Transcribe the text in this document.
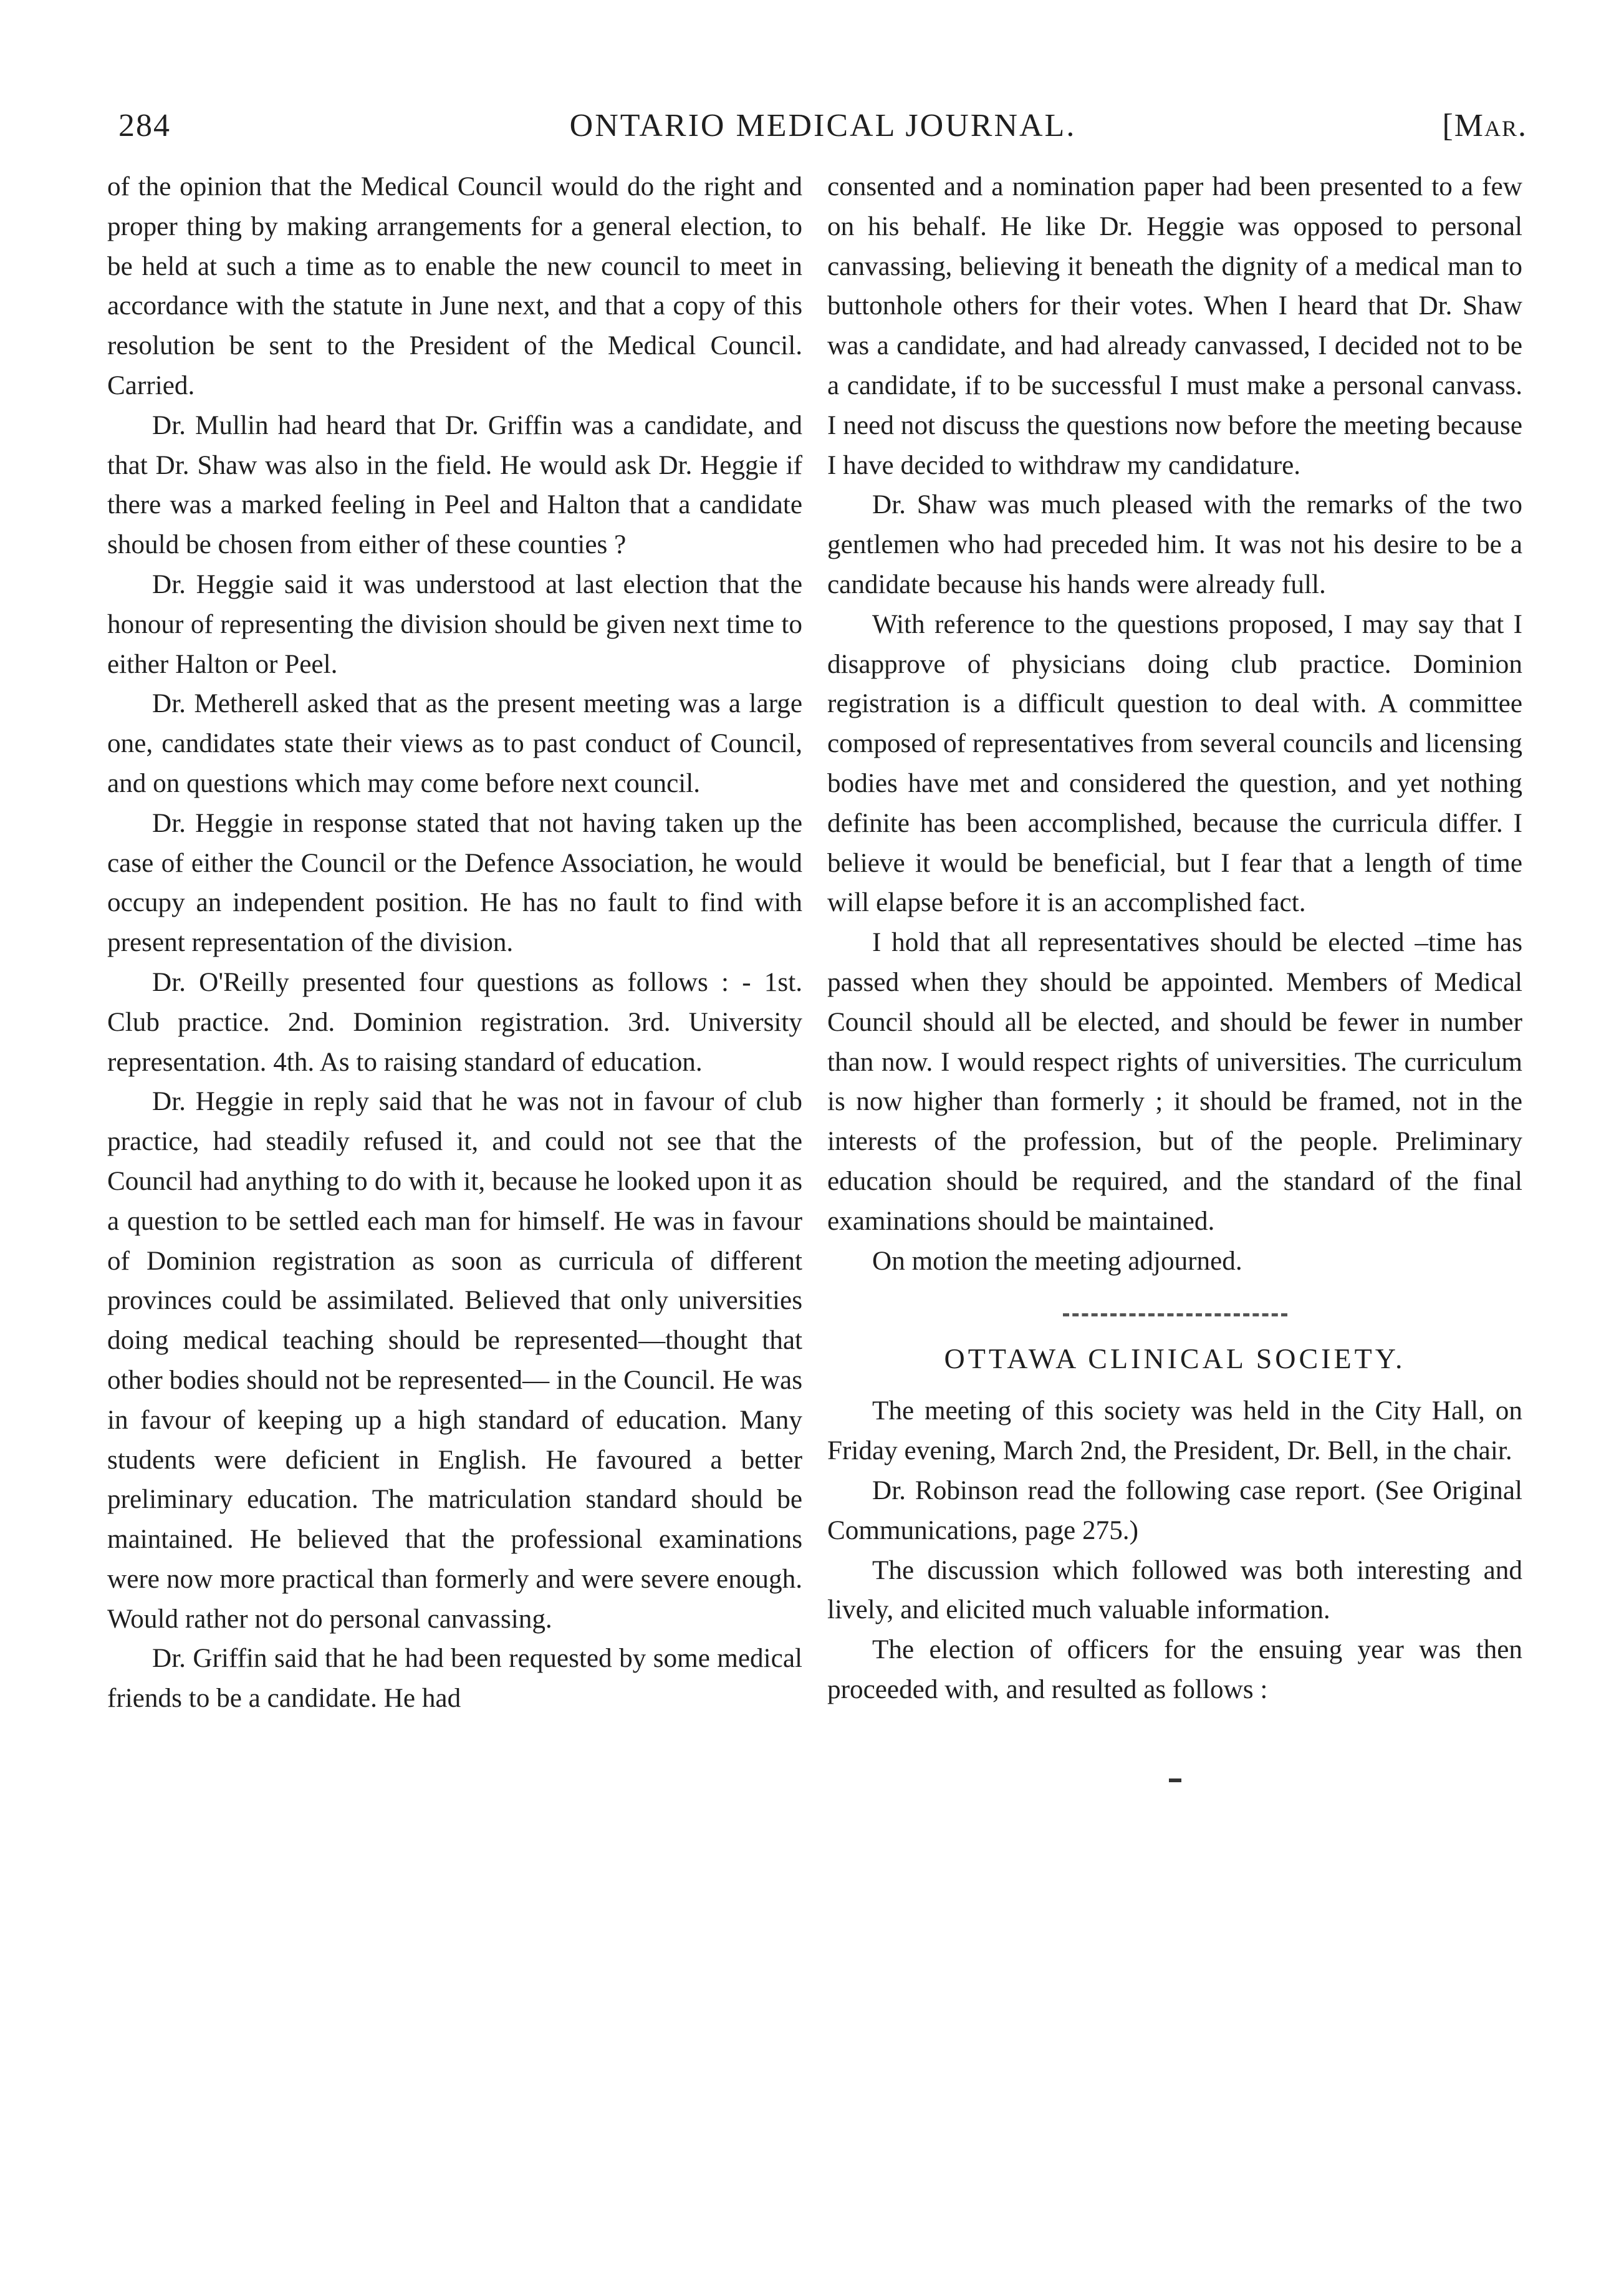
284	ONTARIO MEDICAL JOURNAL.	[Mar.

of the opinion that the Medical Council would do the right and proper thing by making arrangements for a general election, to be held at such a time as to enable the new council to meet in accordance with the statute in June next, and that a copy of this resolution be sent to the President of the Medical Council. Carried.

Dr. Mullin had heard that Dr. Griffin was a candidate, and that Dr. Shaw was also in the field. He would ask Dr. Heggie if there was a marked feeling in Peel and Halton that a candidate should be chosen from either of these counties ?

Dr. Heggie said it was understood at last election that the honour of representing the division should be given next time to either Halton or Peel.

Dr. Metherell asked that as the present meeting was a large one, candidates state their views as to past conduct of Council, and on questions which may come before next council.

Dr. Heggie in response stated that not having taken up the case of either the Council or the Defence Association, he would occupy an independent position. He has no fault to find with present representation of the division.

Dr. O'Reilly presented four questions as follows : - 1st. Club practice. 2nd. Dominion registration. 3rd. University representation. 4th. As to raising standard of education.

Dr. Heggie in reply said that he was not in favour of club practice, had steadily refused it, and could not see that the Council had anything to do with it, because he looked upon it as a question to be settled each man for himself. He was in favour of Dominion registration as soon as curricula of different provinces could be assimilated. Believed that only universities doing medical teaching should be represented—thought that other bodies should not be represented— in the Council. He was in favour of keeping up a high standard of education. Many students were deficient in English. He favoured a better preliminary education. The matriculation standard should be maintained. He believed that the professional examinations were now more practical than formerly and were severe enough. Would rather not do personal canvassing.

Dr. Griffin said that he had been requested by some medical friends to be a candidate. He had

consented and a nomination paper had been presented to a few on his behalf. He like Dr. Heggie was opposed to personal canvassing, believing it beneath the dignity of a medical man to buttonhole others for their votes. When I heard that Dr. Shaw was a candidate, and had already canvassed, I decided not to be a candidate, if to be successful I must make a personal canvass. I need not discuss the questions now before the meeting because I have decided to withdraw my candidature.

Dr. Shaw was much pleased with the remarks of the two gentlemen who had preceded him. It was not his desire to be a candidate because his hands were already full.

With reference to the questions proposed, I may say that I disapprove of physicians doing club practice. Dominion registration is a difficult question to deal with. A committee composed of representatives from several councils and licensing bodies have met and considered the question, and yet nothing definite has been accomplished, because the curricula differ. I believe it would be beneficial, but I fear that a length of time will elapse before it is an accomplished fact.

I hold that all representatives should be elected –time has passed when they should be appointed. Members of Medical Council should all be elected, and should be fewer in number than now. I would respect rights of universities. The curriculum is now higher than formerly ; it should be framed, not in the interests of the profession, but of the people. Preliminary education should be required, and the standard of the final examinations should be maintained.

On motion the meeting adjourned.

OTTAWA CLINICAL SOCIETY.

The meeting of this society was held in the City Hall, on Friday evening, March 2nd, the President, Dr. Bell, in the chair.

Dr. Robinson read the following case report. (See Original Communications, page 275.)

The discussion which followed was both interesting and lively, and elicited much valuable information.

The election of officers for the ensuing year was then proceeded with, and resulted as follows :
